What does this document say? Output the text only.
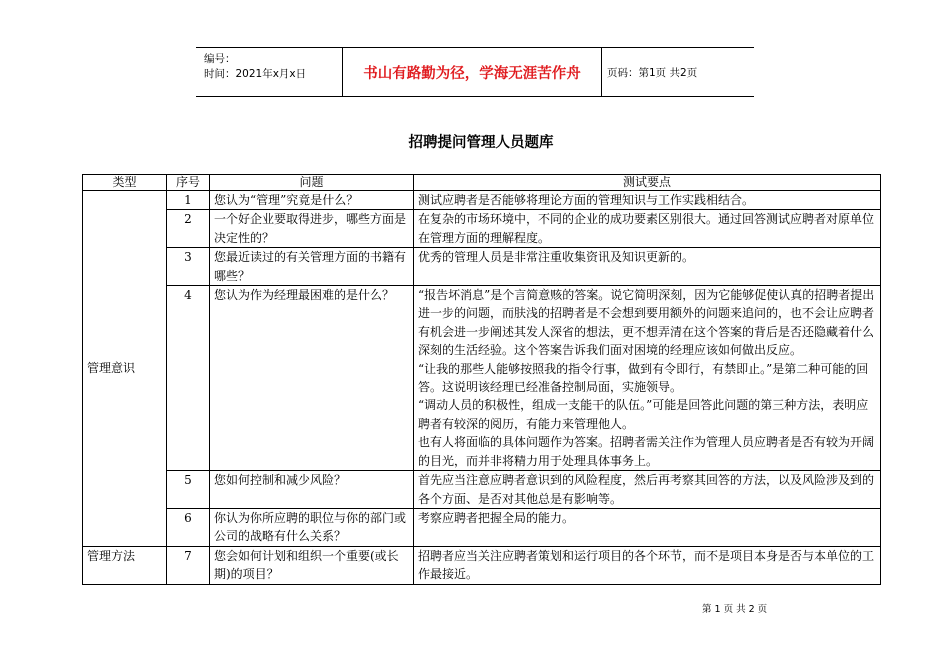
编号：
时间：2021年x月x日	书山有路勤为径，学海无涯苦作舟	页码：第1页 共2页
招聘提问管理人员题库
类型	序号	问题	测试要点
管理意识	1	您认为“管理”究竟是什么？	测试应聘者是否能够将理论方面的管理知识与工作实践相结合。
	2	一个好企业要取得进步，哪些方面是决定性的？	在复杂的市场环境中，不同的企业的成功要素区别很大。通过回答测试应聘者对原单位在管理方面的理解程度。
	3	您最近读过的有关管理方面的书籍有哪些？	优秀的管理人员是非常注重收集资讯及知识更新的。
	4	您认为作为经理最困难的是什么？	“报告坏消息”是个言简意赅的答案。说它简明深刻，因为它能够促使认真的招聘者提出进一步的问题，而肤浅的招聘者是不会想到要用额外的问题来追问的，也不会让应聘者有机会进一步阐述其发人深省的想法，更不想弄清在这个答案的背后是否还隐藏着什么深刻的生活经验。这个答案告诉我们面对困境的经理应该如何做出反应。
“让我的那些人能够按照我的指令行事，做到有令即行，有禁即止。”是第二种可能的回答。这说明该经理已经准备控制局面，实施领导。
“调动人员的积极性，组成一支能干的队伍。”可能是回答此问题的第三种方法，表明应聘者有较深的阅历，有能力来管理他人。
也有人将面临的具体问题作为答案。招聘者需关注作为管理人员应聘者是否有较为开阔的目光，而并非将精力用于处理具体事务上。

	5	您如何控制和减少风险？	首先应当注意应聘者意识到的风险程度，然后再考察其回答的方法，以及风险涉及到的各个方面、是否对其他总是有影响等。
	6	你认为你所应聘的职位与你的部门或公司的战略有什么关系？	考察应聘者把握全局的能力。
管理方法	7	您会如何计划和组织一个重要(或长期)的项目？	招聘者应当关注应聘者策划和运行项目的各个环节，而不是项目本身是否与本单位的工作最接近。
第 1 页 共 2 页
